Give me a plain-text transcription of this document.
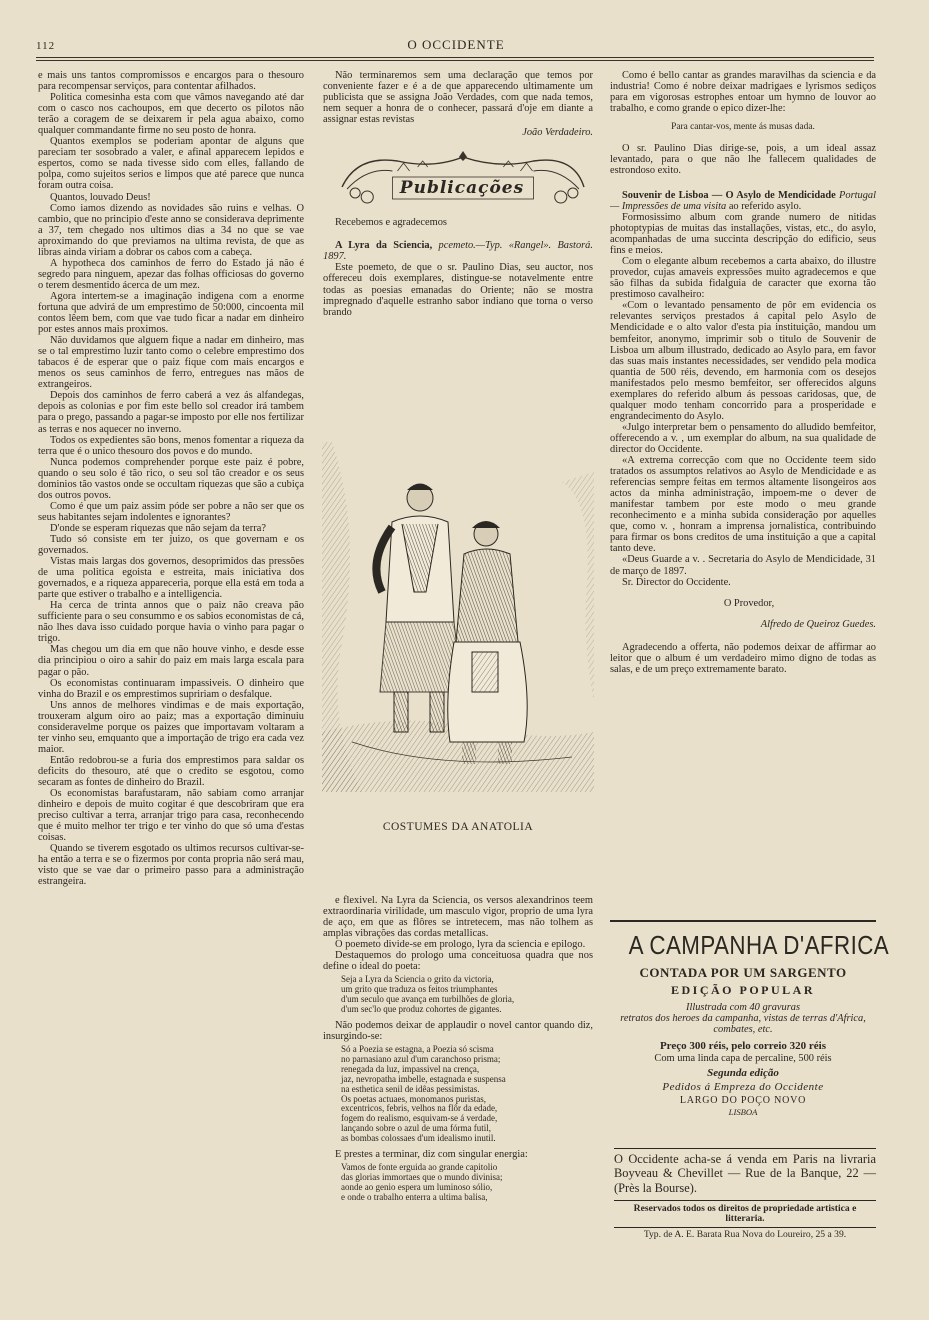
112	O OCCIDENTE

e mais uns tantos compromissos e encargos para o thesouro para recompensar serviços, para contentar afilhados.

Politica comesinha esta com que vâmos navegando até dar com o casco nos cachoupos, em que decerto os pilotos não terão a coragem de se deixarem ir pela agua abaixo, como qualquer commandante firme no seu posto de honra.

Quantos exemplos se poderiam apontar de alguns que pareciam ter sosobrado a valer, e afinal apparecem lepidos e espertos, como se nada tivesse sido com elles, fallando de polpa, como sujeitos serios e limpos que até parece que nunca foram outra coisa.

Quantos, louvado Deus!

Como iamos dizendo as novidades são ruins e velhas. O cambio, que no principio d'este anno se considerava deprimente a 37, tem chegado nos ultimos dias a 34 no que se vae aproximando do que previamos na ultima revista, de que as libras ainda viriam a dobrar os cabos com a cabeça.

A hypotheca dos caminhos de ferro do Estado já não é segredo para ninguem, apezar das folhas officiosas do governo o terem desmentido ácerca de um mez.

Agora intertem-se a imaginação indigena com a enorme fortuna que advirá de um emprestimo de 50:000, cincoenta mil contos lêem bem, com que vae tudo ficar a nadar em dinheiro por estes annos mais proximos.

Não duvidamos que alguem fique a nadar em dinheiro, mas se o tal emprestimo luzir tanto como o celebre emprestimo dos tabacos é de esperar que o paiz fique com mais encargos e menos os seus caminhos de ferro, entregues nas mãos de extrangeiros.

Depois dos caminhos de ferro caberá a vez ás alfandegas, depois as colonias e por fim este bello sol creador irá tambem para o prego, passando a pagar-se imposto por elle nos fertilizar as terras e nos aquecer no inverno.

Todos os expedientes são bons, menos fomentar a riqueza da terra que é o unico thesouro dos povos e do mundo.

Nunca podemos comprehender porque este paiz é pobre, quando o seu solo é tão rico, o seu sol tão creador e os seus dominios tão vastos onde se occultam riquezas que são a cubiça dos outros povos.

Como é que um paiz assim póde ser pobre a não ser que os seus habitantes sejam indolentes e ignorantes?

D'onde se esperam riquezas que não sejam da terra?

Tudo só consiste em ter juizo, os que governam e os governados.

Vistas mais largas dos governos, desoprimidos das pressões de uma politica egoista e estreita, mais iniciativa dos governados, e a riqueza appareceria, porque ella está em toda a parte que estiver o trabalho e a intelligencia.

Ha cerca de trinta annos que o paiz não creava pão sufficiente para o seu consummo e os sabios economistas de cá, não lhes dava isso cuidado porque havia o vinho para pagar o trigo.

Mas chegou um dia em que não houve vinho, e desde esse dia principiou o oiro a sahir do paiz em mais larga escala para pagar o pão.

Os economistas continuaram impassiveis. O dinheiro que vinha do Brazil e os emprestimos supririam o desfalque.

Uns annos de melhores vindimas e de mais exportação, trouxeram algum oiro ao paiz; mas a exportação diminuiu consideravelme porque os paizes que importavam voltaram a ter vinho seu, emquanto que a importação de trigo era cada vez maior.

Então redobrou-se a furia dos emprestimos para saldar os deficits do thesouro, até que o credito se esgotou, como secaram as fontes de dinheiro do Brazil.

Os economistas barafustaram, não sabiam como arranjar dinheiro e depois de muito cogitar é que descobriram que era preciso cultivar a terra, arranjar trigo para casa, reconhecendo que é muito melhor ter trigo e ter vinho do que só uma d'estas coisas.

Quando se tiverem esgotado os ultimos recursos cultivar-se-ha então a terra e se o fizermos por conta propria não será mau, visto que se vae dar o primeiro passo para a administração estrangeira.

Não terminaremos sem uma declaração que temos por conveniente fazer e é a de que apparecendo ultimamente um publicista que se assigna João Verdades, com que nada temos, nem sequer a honra de o conhecer, passará d'oje em diante a assignar estas revistas

João Verdadeiro.
Publicações

Recebemos e agradecemos

A Lyra da Sciencia, pcemeto.—Typ. «Rangel». Bastorá. 1897.

Este poemeto, de que o sr. Paulino Dias, seu auctor, nos offereceu dois exemplares, distingue-se notavelmente entre todas as poesias emanadas do Oriente; não se mostra impregnado d'aquelle estranho sabor indiano que torna o verso brando

COSTUMES DA ANATOLIA

e flexivel. Na Lyra da Sciencia, os versos alexandrinos teem extraordinaria virilidade, um masculo vigor, proprio de uma lyra de aço, em que as flôres se intretecem, mas não tolhem as amplas vibrações das cordas metallicas.

O poemeto divide-se em prologo, lyra da sciencia e epilogo.

Destaquemos do prologo uma conceituosa quadra que nos define o ideal do poeta:

Seja a Lyra da Sciencia o grito da victoria,
um grito que traduza os feitos triumphantes
d'um seculo que avança em turbilhões de gloria,
d'um sec'lo que produz cohortes de gigantes.

Não podemos deixar de applaudir o novel cantor quando diz, insurgindo-se:

Só a Poezia se estagna, a Poezia só scisma
no parnasiano azul d'um caranchoso prisma;
renegada da luz, impassivel na crença,
jaz, nevropatha imbelle, estagnada e suspensa
na esthetica senil de idêas pessimistas.
Os poetas actuaes, monomanos puristas,
excentricos, febris, velhos na flôr da edade,
fogem do realismo, esquivam-se á verdade,
lançando sobre o azul de uma fórma futil,
as bombas colossaes d'um idealismo inutil.

E prestes a terminar, diz com singular energia:

Vamos de fonte erguida ao grande capitolio
das glorias immortaes que o mundo divinisa;
aonde ao genio espera um luminoso sólio,
e onde o trabalho enterra a ultima balisa,

Como é bello cantar as grandes maravilhas da sciencia e da industria! Como é nobre deixar madrigaes e lyrismos sediços para em vigorosas estrophes entoar um hymno de louvor ao trabalho, e como grande o epico dizer-lhe:

Para cantar-vos, mente ás musas dada.

O sr. Paulino Dias dirige-se, pois, a um ideal assaz levantado, para o que não lhe fallecem qualidades de estrondoso exito.

Souvenir de Lisboa — O Asylo de Mendicidade Portugal — Impressões de uma visita ao referido asylo.

Formosissimo album com grande numero de nitidas photoptypias de muitas das installações, vistas, etc., do asylo, acompanhadas de uma succinta descripção do edificio, seus fins e meios.

Com o elegante album recebemos a carta abaixo, do illustre provedor, cujas amaveis expressões muito agradecemos e que são filhas da subida fidalguia de caracter que exorna tão prestimoso cavalheiro:

«Com o levantado pensamento de pôr em evidencia os relevantes serviços prestados á capital pelo Asylo de Mendicidade e o alto valor d'esta pia instituição, mandou um bemfeitor, anonymo, imprimir sob o titulo de Souvenir de Lisboa um album illustrado, dedicado ao Asylo para, em favor das suas mais instantes necessidades, ser vendido pela modica quantia de 500 réis, devendo, em harmonia com os desejos manifestados pelo mesmo bemfeitor, ser offerecidos alguns exemplares do referido album ás pessoas caridosas, que, de qualquer modo tenham concorrido para a prosperidade e engrandecimento do Asylo.

«Julgo interpretar bem o pensamento do alludido bemfeitor, offerecendo a v. , um exemplar do album, na sua qualidade de director do Occidente.

«A extrema correcção com que no Occidente teem sido tratados os assumptos relativos ao Asylo de Mendicidade e as referencias sempre feitas em termos altamente lisongeiros aos actos da minha administração, impoem-me o dever de manifestar tambem por este modo o meu grande reconhecimento e a minha subida consideração por aquelles que, como v. , honram a imprensa jornalistica, contribuindo para firmar os bons creditos de uma instituição a que a capital tanto deve.

«Deus Guarde a v. . Secretaria do Asylo de Mendicidade, 31 de março de 1897.

Sr. Director do Occidente.

O Provedor,

Alfredo de Queiroz Guedes.

Agradecendo a offerta, não podemos deixar de affirmar ao leitor que o album é um verdadeiro mimo digno de todas as salas, e de um preço extremamente barato.

A CAMPANHA D'AFRICA
CONTADA POR UM SARGENTO
EDIÇÃO POPULAR
Illustrada com 40 gravuras
retratos dos heroes da campanha, vistas de terras d'Africa, combates, etc.
Preço 300 réis, pelo correio 320 réis
Com uma linda capa de percaline, 500 réis
Segunda edição
Pedidos á Empreza do Occidente
LARGO DO POÇO NOVO
LISBOA
O Occidente acha-se á venda em Paris na livraria Boyveau & Chevillet — Rue de la Banque, 22 — (Près la Bourse).
Reservados todos os direitos de propriedade artistica e litteraria.
Typ. de A. E. Barata Rua Nova do Loureiro, 25 a 39.
